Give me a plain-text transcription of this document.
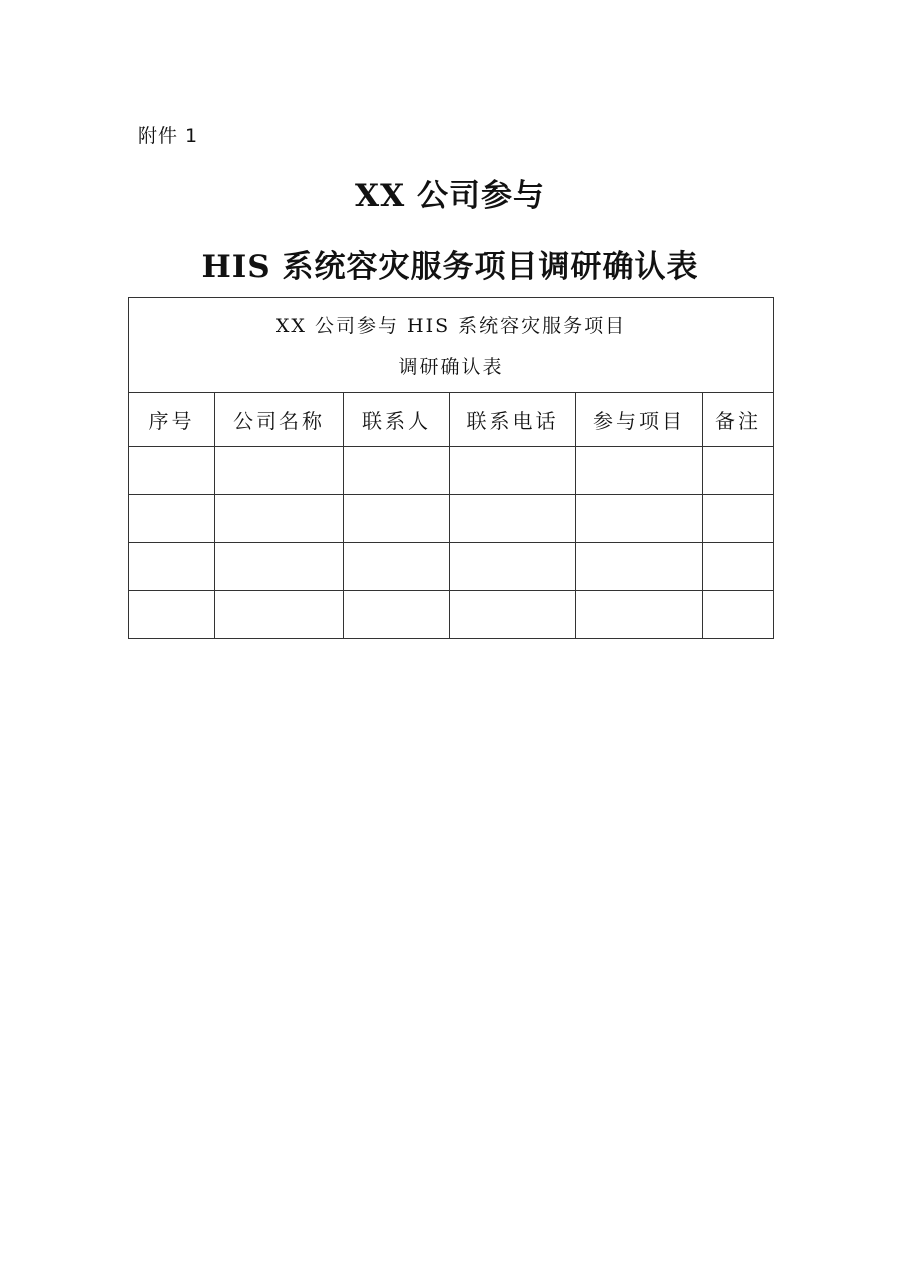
附件 1
XX 公司参与
HIS 系统容灾服务项目调研确认表
XX 公司参与 HIS 系统容灾服务项目
调研确认表					

序号	公司名称	联系人	联系电话	参与项目	备注
